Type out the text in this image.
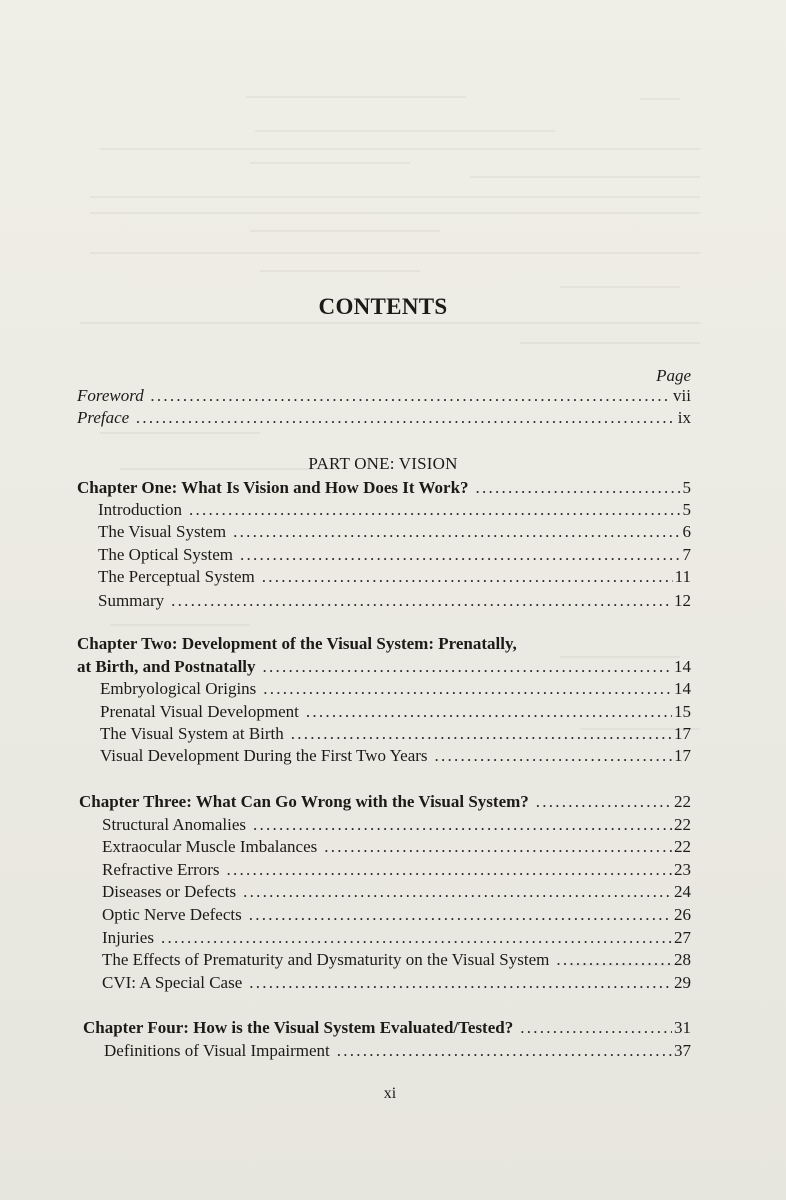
CONTENTS
Page
Foreword . . .	vii
Preface . . .	ix
PART ONE: VISION
Chapter One: What Is Vision and How Does It Work? . . .	5
Introduction . . .	5
The Visual System . . .	6
The Optical System . . .	7
The Perceptual System . . .	11
Summary . . .	12
Chapter Two: Development of the Visual System: Prenatally,
at Birth, and Postnatally . . .	14
Embryological Origins . . .	14
Prenatal Visual Development . . .	15
The Visual System at Birth . . .	17
Visual Development During the First Two Years . . .	17
Chapter Three: What Can Go Wrong with the Visual System? . . .	22
Structural Anomalies . . .	22
Extraocular Muscle Imbalances . . .	22
Refractive Errors . . .	23
Diseases or Defects . . .	24
Optic Nerve Defects . . .	26
Injuries . . .	27
The Effects of Prematurity and Dysmaturity on the Visual System . . .	28
CVI: A Special Case . . .	29
Chapter Four: How is the Visual System Evaluated/Tested? . . .	31
Definitions of Visual Impairment . . .	37
xi
